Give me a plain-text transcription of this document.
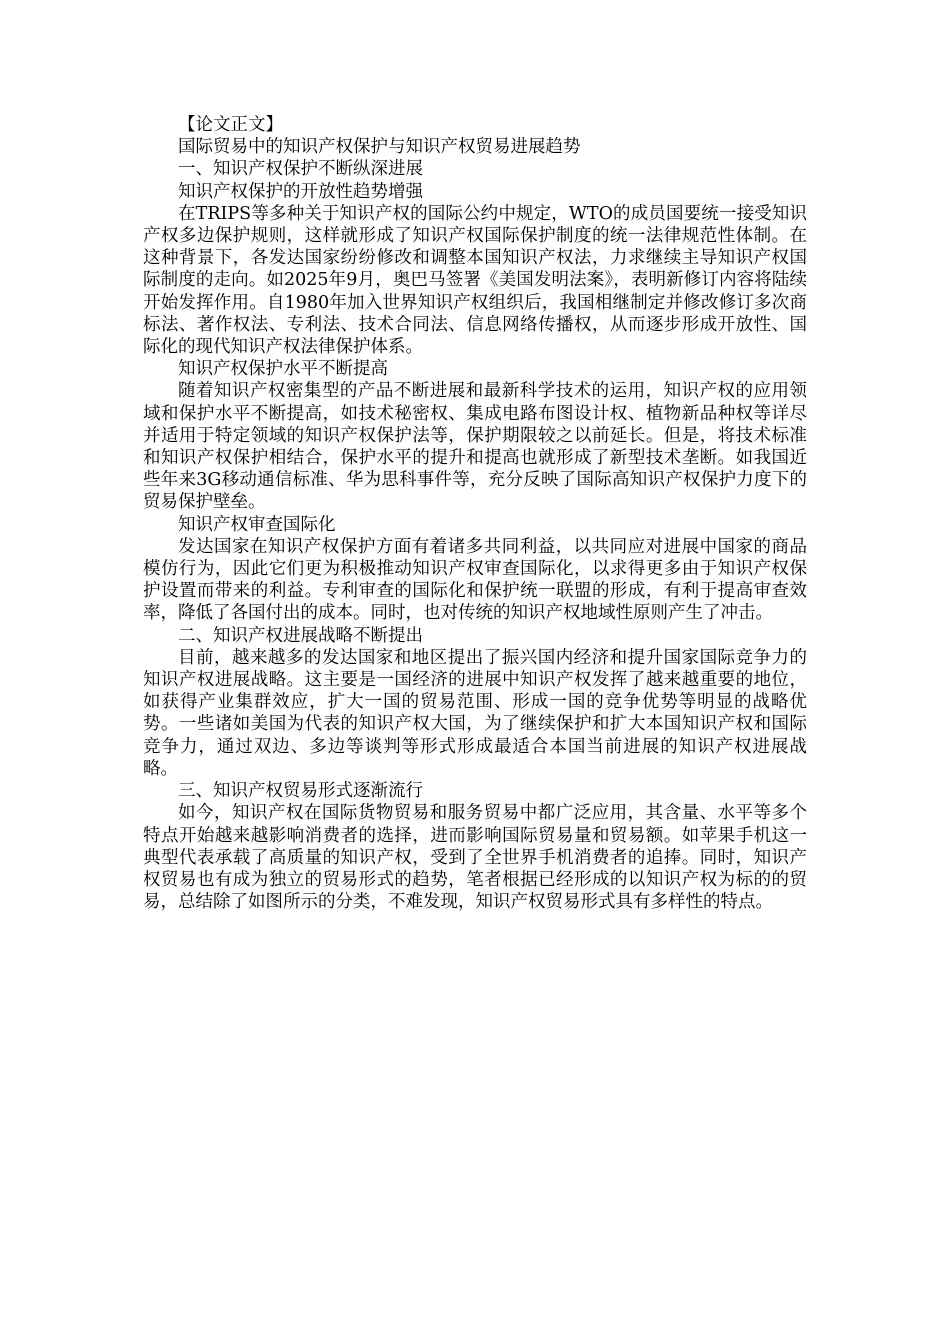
【论文正文】

国际贸易中的知识产权保护与知识产权贸易进展趋势

一、知识产权保护不断纵深进展

知识产权保护的开放性趋势增强

在TRIPS等多种关于知识产权的国际公约中规定，WTO的成员国要统一接受知识产权多边保护规则，这样就形成了知识产权国际保护制度的统一法律规范性体制。在这种背景下，各发达国家纷纷修改和调整本国知识产权法，力求继续主导知识产权国际制度的走向。如2025年9月，奥巴马签署《美国发明法案》，表明新修订内容将陆续开始发挥作用。自1980年加入世界知识产权组织后，我国相继制定并修改修订多次商标法、著作权法、专利法、技术合同法、信息网络传播权，从而逐步形成开放性、国际化的现代知识产权法律保护体系。

知识产权保护水平不断提高

随着知识产权密集型的产品不断进展和最新科学技术的运用，知识产权的应用领域和保护水平不断提高，如技术秘密权、集成电路布图设计权、植物新品种权等详尽并适用于特定领域的知识产权保护法等，保护期限较之以前延长。但是，将技术标准和知识产权保护相结合，保护水平的提升和提高也就形成了新型技术垄断。如我国近些年来3G移动通信标准、华为思科事件等，充分反映了国际高知识产权保护力度下的贸易保护壁垒。

知识产权审查国际化

发达国家在知识产权保护方面有着诸多共同利益，以共同应对进展中国家的商品模仿行为，因此它们更为积极推动知识产权审查国际化，以求得更多由于知识产权保护设置而带来的利益。专利审查的国际化和保护统一联盟的形成，有利于提高审查效率，降低了各国付出的成本。同时，也对传统的知识产权地域性原则产生了冲击。

二、知识产权进展战略不断提出

目前，越来越多的发达国家和地区提出了振兴国内经济和提升国家国际竞争力的知识产权进展战略。这主要是一国经济的进展中知识产权发挥了越来越重要的地位，如获得产业集群效应，扩大一国的贸易范围、形成一国的竞争优势等明显的战略优势。一些诸如美国为代表的知识产权大国，为了继续保护和扩大本国知识产权和国际竞争力，通过双边、多边等谈判等形式形成最适合本国当前进展的知识产权进展战略。

三、知识产权贸易形式逐渐流行

如今，知识产权在国际货物贸易和服务贸易中都广泛应用，其含量、水平等多个特点开始越来越影响消费者的选择，进而影响国际贸易量和贸易额。如苹果手机这一典型代表承载了高质量的知识产权，受到了全世界手机消费者的追捧。同时，知识产权贸易也有成为独立的贸易形式的趋势，笔者根据已经形成的以知识产权为标的的贸易，总结除了如图所示的分类，不难发现，知识产权贸易形式具有多样性的特点。
